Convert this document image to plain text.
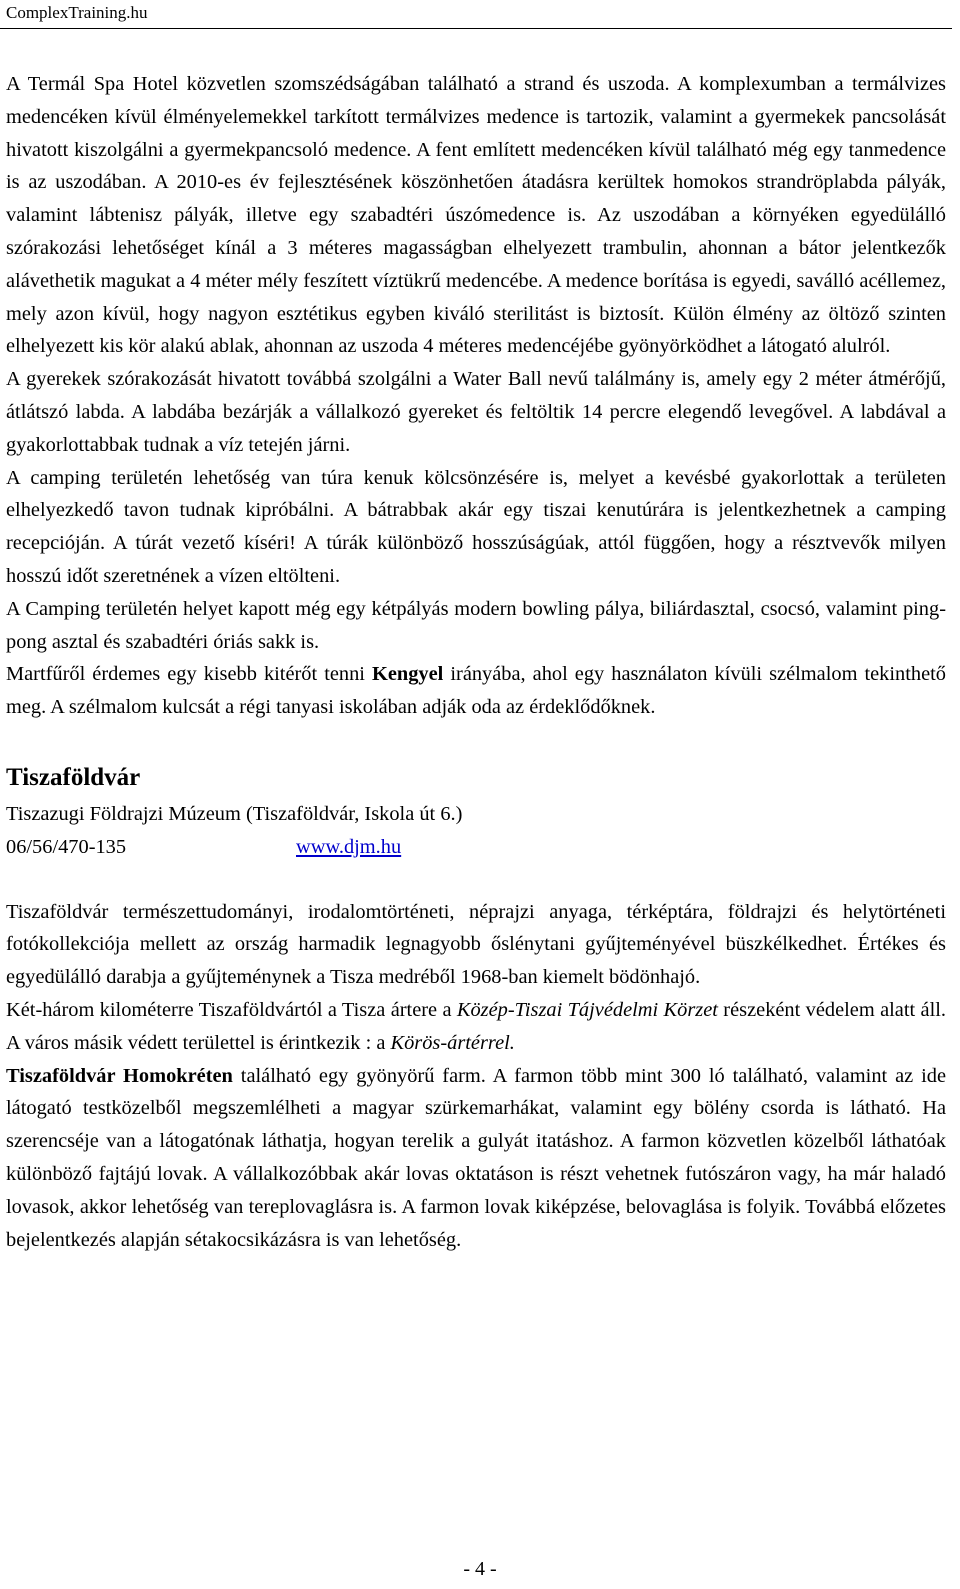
ComplexTraining.hu

A Termál Spa Hotel közvetlen szomszédságában található a strand és uszoda. A komplexumban a termálvizes medencéken kívül élményelemekkel tarkított termálvizes medence is tartozik, valamint a gyermekek pancsolását hivatott kiszolgálni a gyermekpancsoló medence. A fent említett medencéken kívül található még egy tanmedence is az uszodában. A 2010-es év fejlesztésének köszönhetően átadásra kerültek homokos strandröplabda pályák, valamint lábtenisz pályák, illetve egy szabadtéri úszómedence is. Az uszodában a környéken egyedülálló szórakozási lehetőséget kínál a 3 méteres magasságban elhelyezett trambulin, ahonnan a bátor jelentkezők alávethetik magukat a 4 méter mély feszített víztükrű medencébe. A medence borítása is egyedi, saválló acéllemez, mely azon kívül, hogy nagyon esztétikus egyben kiváló sterilitást is biztosít. Külön élmény az öltöző szinten elhelyezett kis kör alakú ablak, ahonnan az uszoda 4 méteres medencéjébe gyönyörködhet a látogató alulról.

A gyerekek szórakozását hivatott továbbá szolgálni a Water Ball nevű találmány is, amely egy 2 méter átmérőjű, átlátszó labda. A labdába bezárják a vállalkozó gyereket és feltöltik 14 percre elegendő levegővel. A labdával a gyakorlottabbak tudnak a víz tetején járni.

A camping területén lehetőség van túra kenuk kölcsönzésére is, melyet a kevésbé gyakorlottak a területen elhelyezkedő tavon tudnak kipróbálni. A bátrabbak akár egy tiszai kenutúrára is jelentkezhetnek a camping recepcióján. A túrát vezető kíséri! A túrák különböző hosszúságúak, attól függően, hogy a résztvevők milyen hosszú időt szeretnének a vízen eltölteni.

A Camping területén helyet kapott még egy kétpályás modern bowling pálya, biliárdasztal, csocsó, valamint ping-pong asztal és szabadtéri óriás sakk is.

Martfűről érdemes egy kisebb kitérőt tenni Kengyel irányába, ahol egy használaton kívüli szélmalom tekinthető meg. A szélmalom kulcsát a régi tanyasi iskolában adják oda az érdeklődőknek.

Tiszaföldvár

Tiszazugi Földrajzi Múzeum (Tiszaföldvár, Iskola út 6.)

06/56/470-135	www.djm.hu

Tiszaföldvár természettudományi, irodalomtörténeti, néprajzi anyaga, térképtára, földrajzi és helytörténeti fotókollekciója mellett az ország harmadik legnagyobb őslénytani gyűjteményével büszkélkedhet. Értékes és egyedülálló darabja a gyűjteménynek a Tisza medréből 1968-ban kiemelt bödönhajó.

Két-három kilométerre Tiszaföldvártól a Tisza ártere a Közép-Tiszai Tájvédelmi Körzet részeként védelem alatt áll. A város másik védett területtel is érintkezik : a Körös-ártérrel.

Tiszaföldvár Homokréten található egy gyönyörű farm. A farmon több mint 300 ló található, valamint az ide látogató testközelből megszemlélheti a magyar szürkemarhákat, valamint egy bölény csorda is látható. Ha szerencséje van a látogatónak láthatja, hogyan terelik a gulyát itatáshoz. A farmon közvetlen közelből láthatóak különböző fajtájú lovak. A vállalkozóbbak akár lovas oktatáson is részt vehetnek futószáron vagy, ha már haladó lovasok, akkor lehetőség van tereplovaglásra is. A farmon lovak kiképzése, belovaglása is folyik. Továbbá előzetes bejelentkezés alapján sétakocsikázásra is van lehetőség.

- 4 -
